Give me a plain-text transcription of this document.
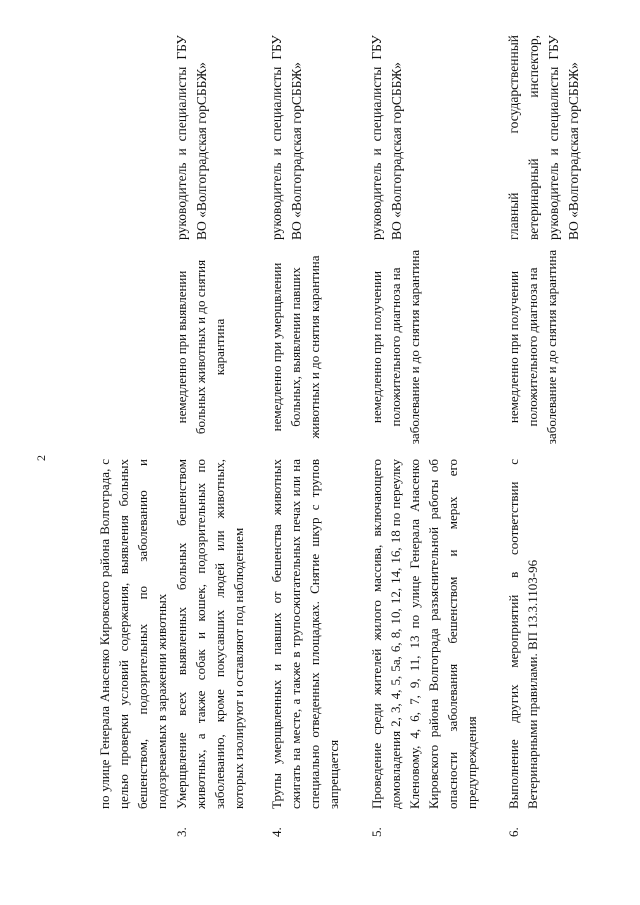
2
по улице Генерала Анасенко Кировского района Волгограда, с целью проверки условий содержания, выявления больных бешенством, подозрительных по заболеванию и подозреваемых в заражении животных
3.
Умерщвление всех выявленных больных бешенством животных, а также собак и кошек, подозрительных по заболеванию, кроме покусавших людей или животных, которых изолируют и оставляют под наблюдением
немедленно при выявлении больных животных и до снятия карантина
руководитель и специалисты ГБУ ВО «Волгоградская горСББЖ»
4.
Трупы умерщвленных и павших от бешенства животных сжигать на месте, а также в трупосжигательных печах или на специально отведенных площадках. Снятие шкур с трупов запрещается
немедленно при умерщвлении больных, выявлении павших животных и до снятия карантина
руководитель и специалисты ГБУ ВО «Волгоградская горСББЖ»
5.
Проведение среди жителей жилого массива, включающего домовладения 2, 3, 4, 5, 5а, 6, 8, 10, 12, 14, 16, 18 по переулку Кленовому, 4, 6, 7, 9, 11, 13 по улице Генерала Анасенко Кировского района Волгограда разъяснительной работы об опасности заболевания бешенством и мерах его предупреждения
немедленно при получении положительного диагноза на заболевание и до снятия карантина
руководитель и специалисты ГБУ ВО «Волгоградская горСББЖ»
6.
Выполнение других мероприятий в соответствии с Ветеринарными правилами. ВП 13.3.1103-96
немедленно при получении положительного диагноза на заболевание и до снятия карантина
главный государственный ветеринарный инспектор, руководитель и специалисты ГБУ ВО «Волгоградская горСББЖ»
